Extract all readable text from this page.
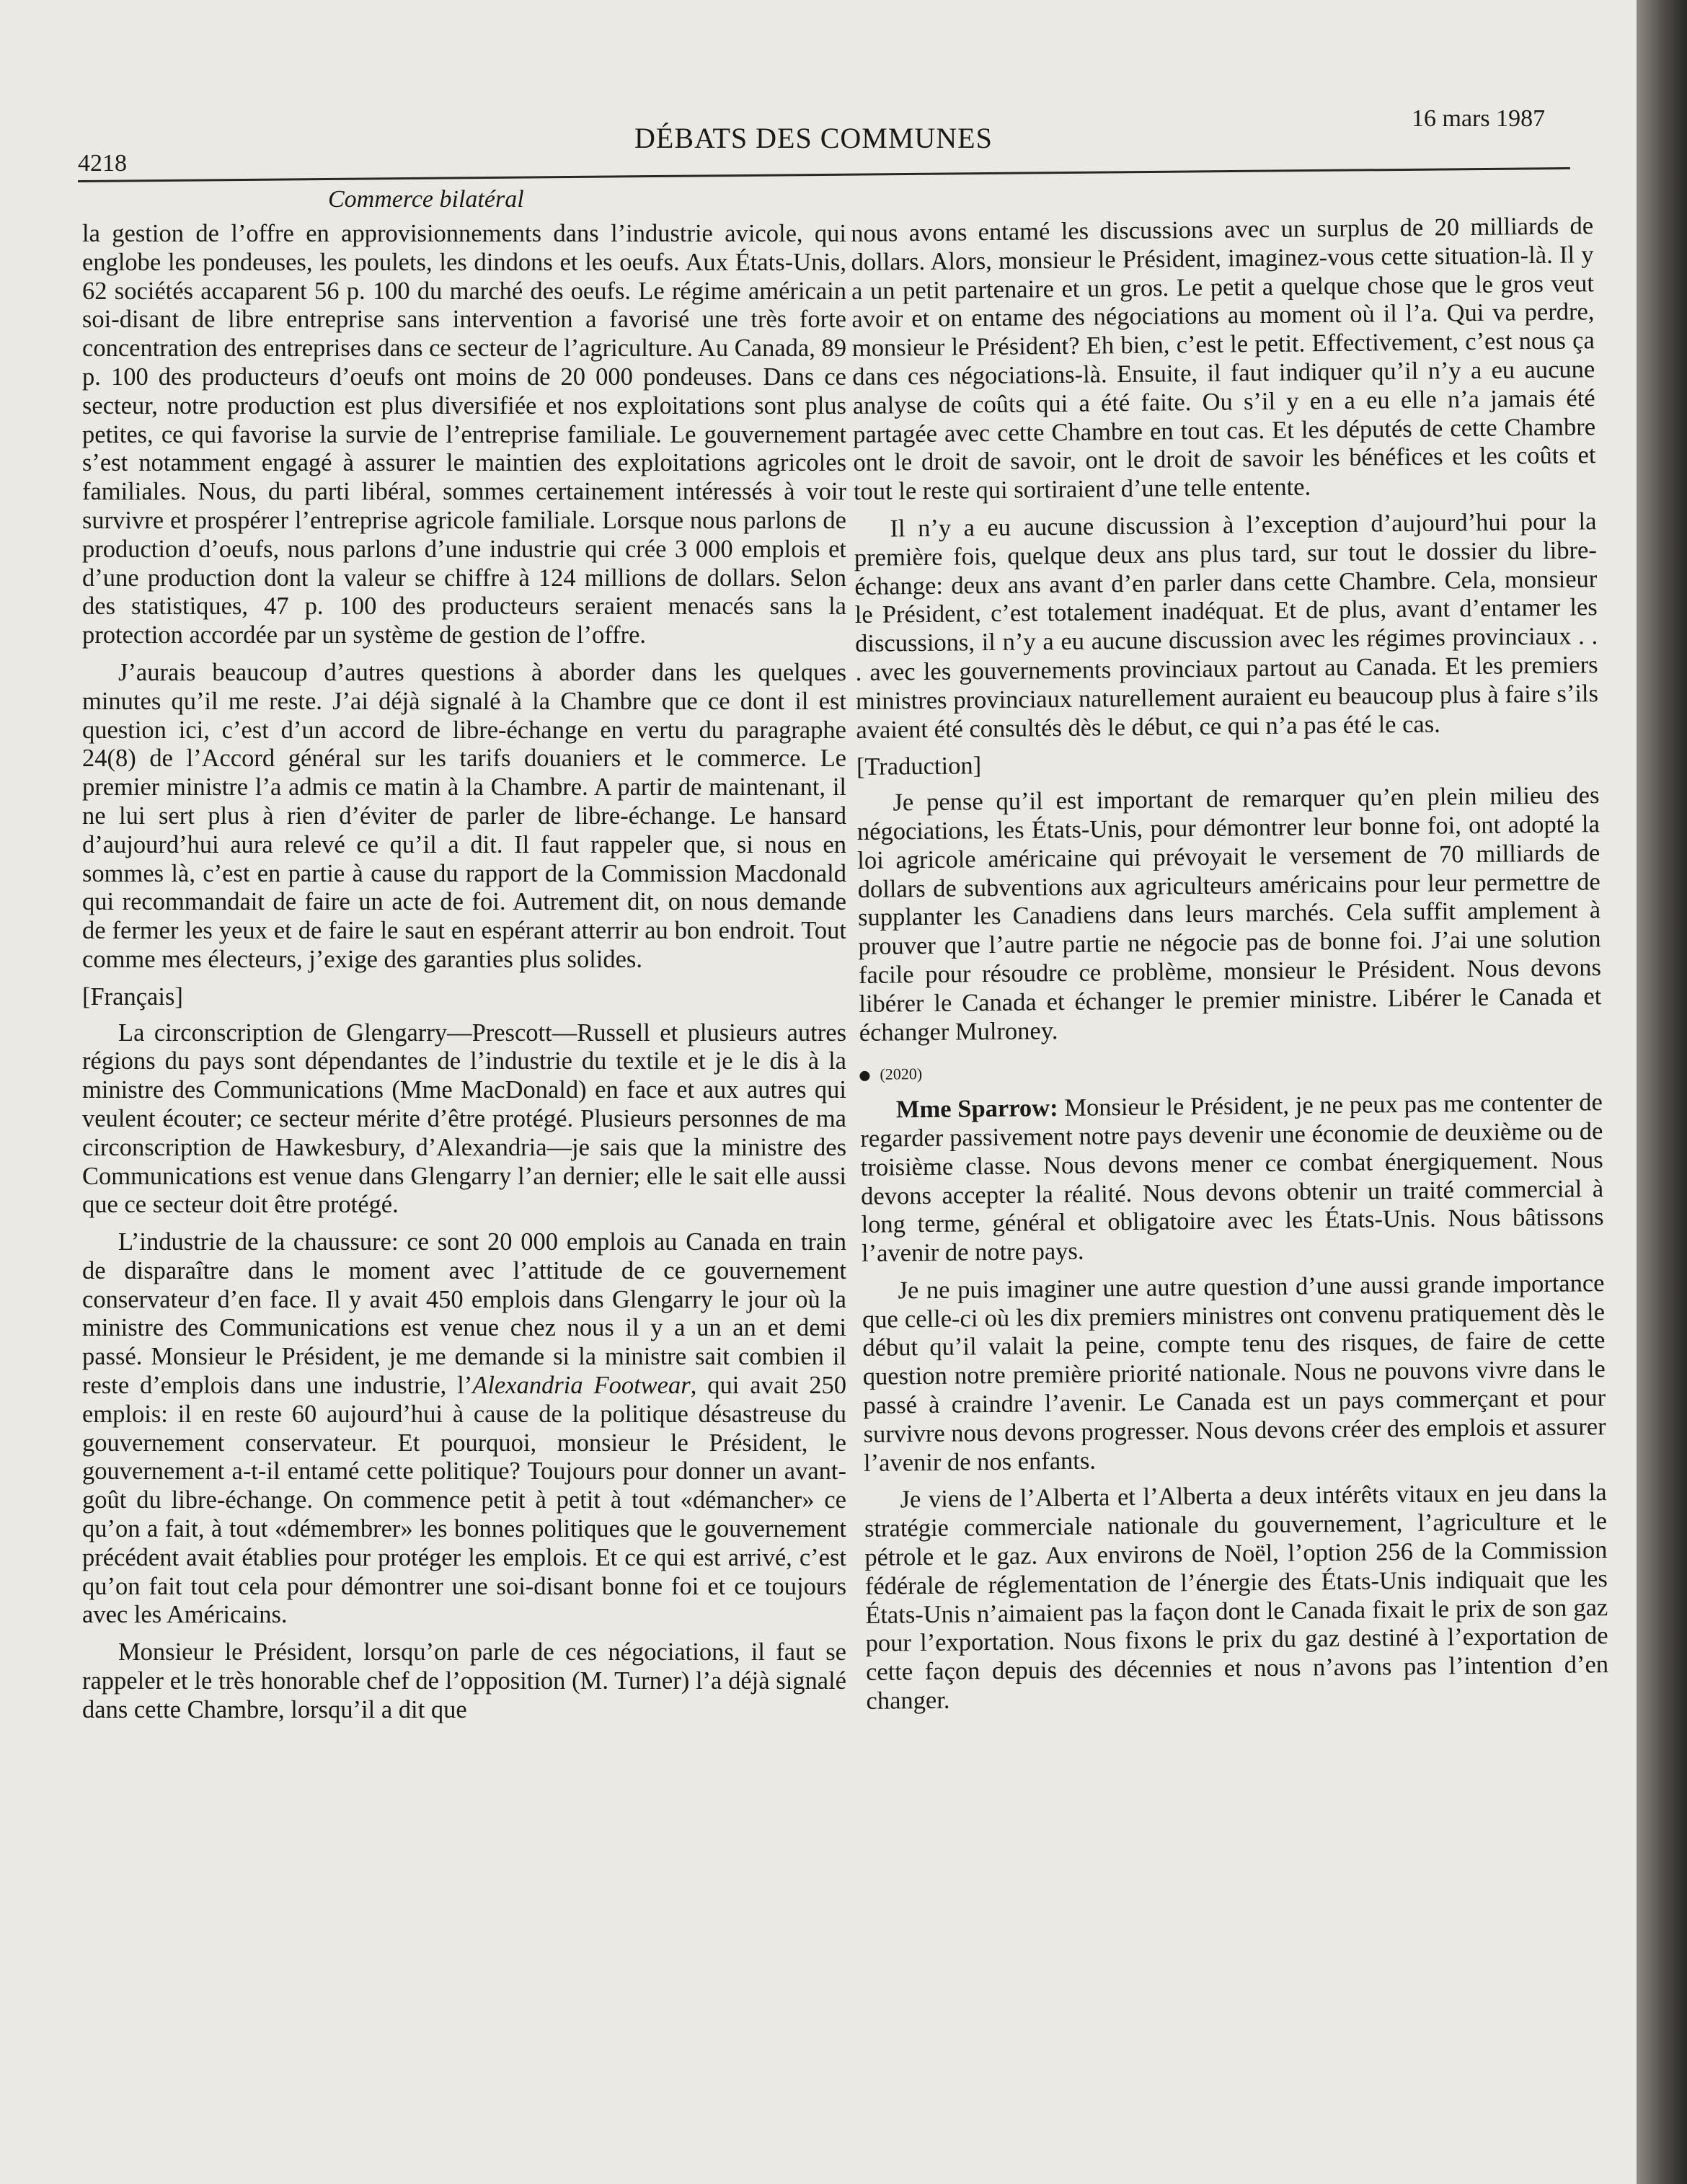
4218
DÉBATS DES COMMUNES
16 mars 1987
Commerce bilatéral

la gestion de l’offre en approvisionnements dans l’industrie avicole, qui englobe les pondeuses, les poulets, les dindons et les oeufs. Aux États-Unis, 62 sociétés accaparent 56 p. 100 du marché des oeufs. Le régime américain soi-disant de libre entreprise sans intervention a favorisé une très forte concentration des entreprises dans ce secteur de l’agriculture. Au Canada, 89 p. 100 des producteurs d’oeufs ont moins de 20 000 pondeuses. Dans ce secteur, notre production est plus diversifiée et nos exploitations sont plus petites, ce qui favorise la survie de l’entreprise familiale. Le gouvernement s’est notamment engagé à assurer le maintien des exploitations agricoles familiales. Nous, du parti libéral, sommes certainement intéressés à voir survivre et prospérer l’entreprise agricole familiale. Lorsque nous parlons de production d’oeufs, nous parlons d’une industrie qui crée 3 000 emplois et d’une production dont la valeur se chiffre à 124 millions de dollars. Selon des statistiques, 47 p. 100 des producteurs seraient menacés sans la protection accordée par un système de gestion de l’offre.

J’aurais beaucoup d’autres questions à aborder dans les quelques minutes qu’il me reste. J’ai déjà signalé à la Chambre que ce dont il est question ici, c’est d’un accord de libre-échange en vertu du paragraphe 24(8) de l’Accord général sur les tarifs douaniers et le commerce. Le premier ministre l’a admis ce matin à la Chambre. A partir de maintenant, il ne lui sert plus à rien d’éviter de parler de libre-échange. Le hansard d’aujourd’hui aura relevé ce qu’il a dit. Il faut rappeler que, si nous en sommes là, c’est en partie à cause du rapport de la Commission Macdonald qui recommandait de faire un acte de foi. Autrement dit, on nous demande de fermer les yeux et de faire le saut en espérant atterrir au bon endroit. Tout comme mes électeurs, j’exige des garanties plus solides.

[Français]

La circonscription de Glengarry—Prescott—Russell et plusieurs autres régions du pays sont dépendantes de l’industrie du textile et je le dis à la ministre des Communications (Mme MacDonald) en face et aux autres qui veulent écouter; ce secteur mérite d’être protégé. Plusieurs personnes de ma circonscription de Hawkesbury, d’Alexandria—je sais que la ministre des Communications est venue dans Glengarry l’an dernier; elle le sait elle aussi que ce secteur doit être protégé.

L’industrie de la chaussure: ce sont 20 000 emplois au Canada en train de disparaître dans le moment avec l’attitude de ce gouvernement conservateur d’en face. Il y avait 450 emplois dans Glengarry le jour où la ministre des Communications est venue chez nous il y a un an et demi passé. Monsieur le Président, je me demande si la ministre sait combien il reste d’emplois dans une industrie, l’Alexandria Footwear, qui avait 250 emplois: il en reste 60 aujourd’hui à cause de la politique désastreuse du gouvernement conservateur. Et pourquoi, monsieur le Président, le gouvernement a-t-il entamé cette politique? Toujours pour donner un avant-goût du libre-échange. On commence petit à petit à tout «démancher» ce qu’on a fait, à tout «démembrer» les bonnes politiques que le gouvernement précédent avait établies pour protéger les emplois. Et ce qui est arrivé, c’est qu’on fait tout cela pour démontrer une soi-disant bonne foi et ce toujours avec les Américains.

Monsieur le Président, lorsqu’on parle de ces négociations, il faut se rappeler et le très honorable chef de l’opposition (M. Turner) l’a déjà signalé dans cette Chambre, lorsqu’il a dit que

nous avons entamé les discussions avec un surplus de 20 milliards de dollars. Alors, monsieur le Président, imaginez-vous cette situation-là. Il y a un petit partenaire et un gros. Le petit a quelque chose que le gros veut avoir et on entame des négociations au moment où il l’a. Qui va perdre, monsieur le Président? Eh bien, c’est le petit. Effectivement, c’est nous ça dans ces négociations-là. Ensuite, il faut indiquer qu’il n’y a eu aucune analyse de coûts qui a été faite. Ou s’il y en a eu elle n’a jamais été partagée avec cette Chambre en tout cas. Et les députés de cette Chambre ont le droit de savoir, ont le droit de savoir les bénéfices et les coûts et tout le reste qui sortiraient d’une telle entente.

Il n’y a eu aucune discussion à l’exception d’aujourd’hui pour la première fois, quelque deux ans plus tard, sur tout le dossier du libre-échange: deux ans avant d’en parler dans cette Chambre. Cela, monsieur le Président, c’est totalement inadéquat. Et de plus, avant d’entamer les discussions, il n’y a eu aucune discussion avec les régimes provinciaux . . . avec les gouvernements provinciaux partout au Canada. Et les premiers ministres provinciaux naturellement auraient eu beaucoup plus à faire s’ils avaient été consultés dès le début, ce qui n’a pas été le cas.

[Traduction]

Je pense qu’il est important de remarquer qu’en plein milieu des négociations, les États-Unis, pour démontrer leur bonne foi, ont adopté la loi agricole américaine qui prévoyait le versement de 70 milliards de dollars de subventions aux agriculteurs américains pour leur permettre de supplanter les Canadiens dans leurs marchés. Cela suffit amplement à prouver que l’autre partie ne négocie pas de bonne foi. J’ai une solution facile pour résoudre ce problème, monsieur le Président. Nous devons libérer le Canada et échanger le premier ministre. Libérer le Canada et échanger Mulroney.

(2020)

Mme Sparrow: Monsieur le Président, je ne peux pas me contenter de regarder passivement notre pays devenir une économie de deuxième ou de troisième classe. Nous devons mener ce combat énergiquement. Nous devons accepter la réalité. Nous devons obtenir un traité commercial à long terme, général et obligatoire avec les États-Unis. Nous bâtissons l’avenir de notre pays.

Je ne puis imaginer une autre question d’une aussi grande importance que celle-ci où les dix premiers ministres ont convenu pratiquement dès le début qu’il valait la peine, compte tenu des risques, de faire de cette question notre première priorité nationale. Nous ne pouvons vivre dans le passé à craindre l’avenir. Le Canada est un pays commerçant et pour survivre nous devons progresser. Nous devons créer des emplois et assurer l’avenir de nos enfants.

Je viens de l’Alberta et l’Alberta a deux intérêts vitaux en jeu dans la stratégie commerciale nationale du gouvernement, l’agriculture et le pétrole et le gaz. Aux environs de Noël, l’option 256 de la Commission fédérale de réglementation de l’énergie des États-Unis indiquait que les États-Unis n’aimaient pas la façon dont le Canada fixait le prix de son gaz pour l’exportation. Nous fixons le prix du gaz destiné à l’exportation de cette façon depuis des décennies et nous n’avons pas l’intention d’en changer.
